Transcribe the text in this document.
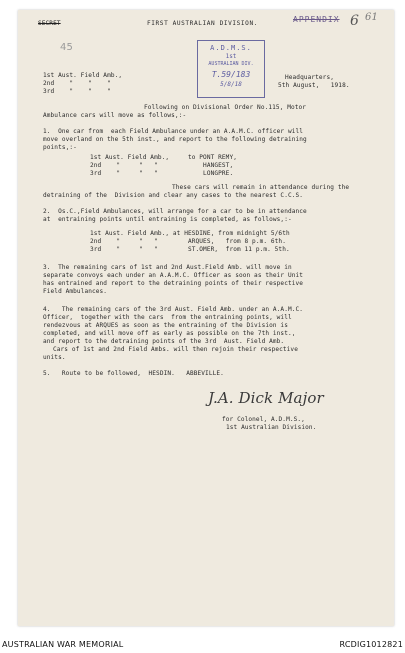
SECRET	FIRST AUSTRALIAN DIVISION.	APPENDIX 6 61
45	A.D.M.S.
1st
AUSTRALIAN DIV.
T.59/183
5/8/18
1st Aust. Field Amb.,
2nd    "    "    "
3rd    "    "    "
Headquarters,
5th August,   1918.
Following on Divisional Order No.115, Motor
Ambulance cars will move as follows,:-
1.  One car from  each Field Ambulance under an A.A.M.C. officer will
move overland on the 5th inst., and report to the following detraining
points,:-
1st Aust. Field Amb.,     to PONT REMY,
2nd    "     "   "            HANGEST,
3rd    "     "   "            LONGPRE.
These cars will remain in attendance during the
detraining of the  Division and clear any cases to the nearest C.C.S.
2.  Os.C.,Field Ambulances, will arrange for a car to be in attendance
at  entraining points until entraining is completed, as follows,:-
1st Aust. Field Amb., at HESDINE, from midnight 5/6th
2nd    "     "   "        ARQUES,   from 8 p.m. 6th.
3rd    "     "   "        ST.OMER,  from 11 p.m. 5th.
3.  The remaining cars of 1st and 2nd Aust.Field Amb. will move in
separate convoys each under an A.A.M.C. Officer as soon as their Unit
has entrained and report to the detraining points of their respective
Field Ambulances.
4.   The remaining cars of the 3rd Aust. Field Amb. under an A.A.M.C.
Officer,  together with the cars  from the entraining points, will
rendezvous at ARQUES as soon as the entraining of the Division is
completed, and will move off as early as possible on the 7th inst.,
and report to the detraining points of the 3rd  Aust. Field Amb.
Cars of 1st and 2nd Field Ambs. will then rejoin their respective
units.
5.   Route to be followed,  HESDIN.   ABBEVILLE.
J.A. Dick Major
for Colonel, A.D.M.S.,
1st Australian Division.
AUSTRALIAN WAR MEMORIAL	RCDIG1012821
